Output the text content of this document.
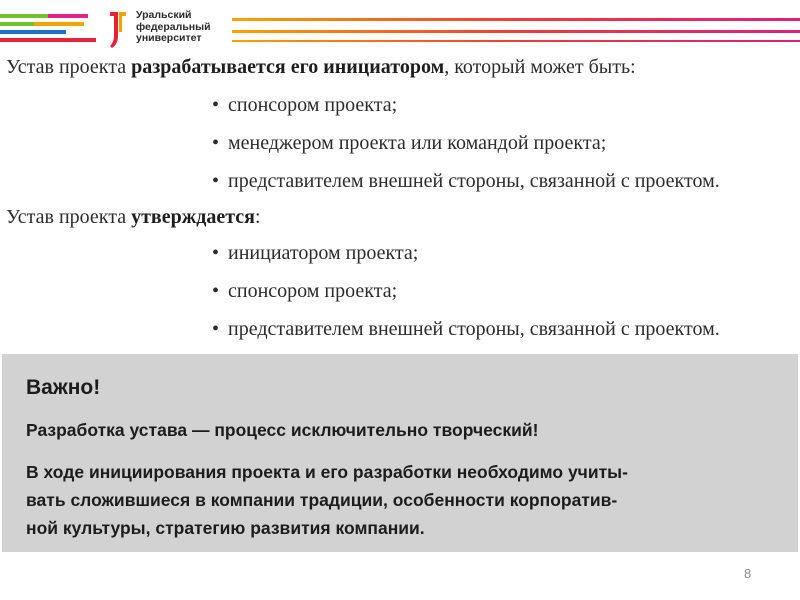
Уральский
федеральный
университет
Устав проекта разрабатывается его инициатором, который может быть:
• спонсором проекта;
• менеджером проекта или командой проекта;
• представителем внешней стороны, связанной с проектом.
Устав проекта утверждается:
• инициатором проекта;
• спонсором проекта;
• представителем внешней стороны, связанной с проектом.
Важно!
Разработка устава — процесс исключительно творческий!
В ходе инициирования проекта и его разработки необходимо учиты-
вать сложившиеся в компании традиции, особенности корпоратив-
ной культуры, стратегию развития компании.
8
